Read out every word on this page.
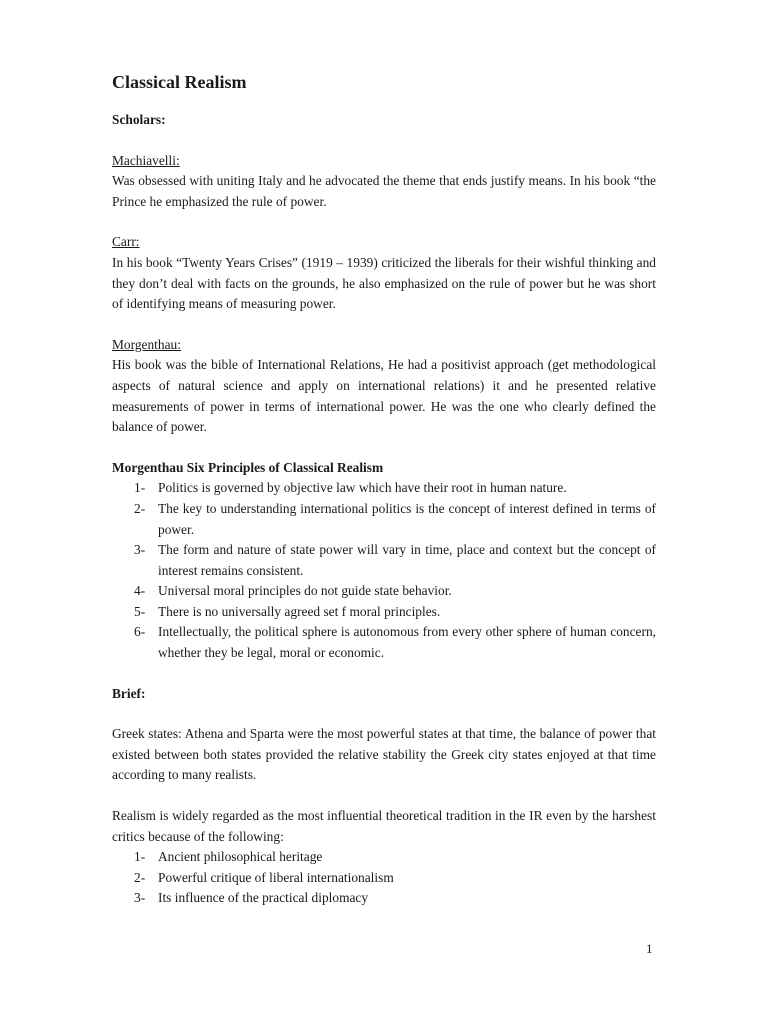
Classical Realism
Scholars:
Machiavelli:

Was obsessed with uniting Italy and he advocated the theme that ends justify means. In his book “the Prince he emphasized the rule of power.

Carr:

In his book “Twenty Years Crises” (1919 – 1939) criticized the liberals for their wishful thinking and they don’t deal with facts on the grounds, he also emphasized on the rule of power but he was short of identifying means of measuring power.

Morgenthau:

His book was the bible of International Relations, He had a positivist approach (get methodological aspects of natural science and apply on international relations) it and he presented relative measurements of power in terms of international power. He was the one who clearly defined the balance of power.

Morgenthau Six Principles of Classical Realism
1- Politics is governed by objective law which have their root in human nature.
2- The key to understanding international politics is the concept of interest defined in terms of power.
3- The form and nature of state power will vary in time, place and context but the concept of interest remains consistent.
4- Universal moral principles do not guide state behavior.
5- There is no universally agreed set f moral principles.
6- Intellectually, the political sphere is autonomous from every other sphere of human concern, whether they be legal, moral or economic.
Brief:

Greek states: Athena and Sparta were the most powerful states at that time, the balance of power that existed between both states provided the relative stability the Greek city states enjoyed at that time according to many realists.

Realism is widely regarded as the most influential theoretical tradition in the IR even by the harshest critics because of the following:

1- Ancient philosophical heritage
2- Powerful critique of liberal internationalism
3- Its influence of the practical diplomacy
1
